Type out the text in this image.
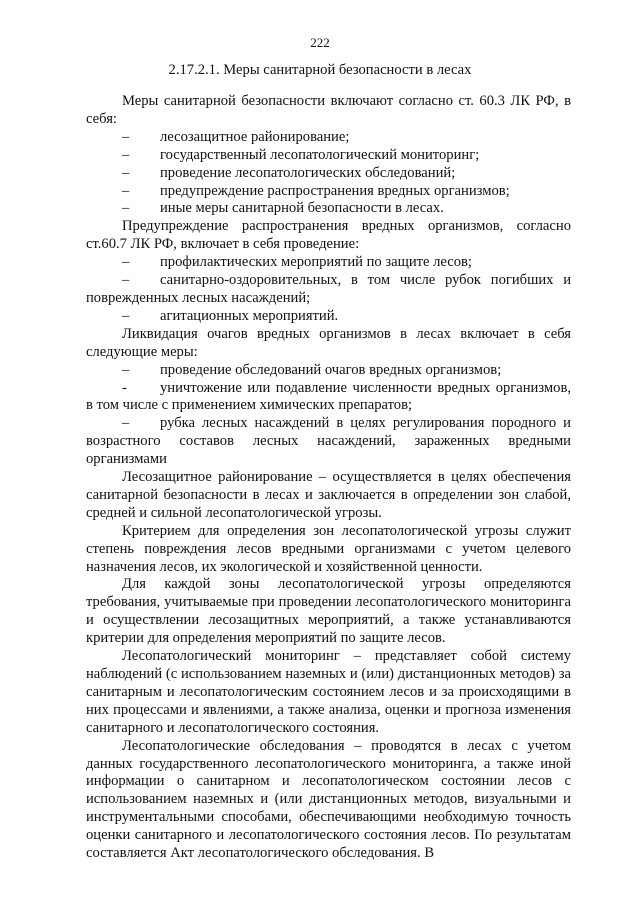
222
2.17.2.1. Меры санитарной безопасности в лесах

Меры санитарной безопасности включают согласно ст. 60.3 ЛК РФ, в себя:

– лесозащитное районирование;

– государственный лесопатологический мониторинг;

– проведение лесопатологических обследований;

– предупреждение распространения вредных организмов;

– иные меры санитарной безопасности в лесах.

Предупреждение распространения вредных организмов, согласно ст.60.7 ЛК РФ, включает в себя проведение:

– профилактических мероприятий по защите лесов;

– санитарно-оздоровительных, в том числе рубок погибших и поврежденных лесных насаждений;

– агитационных мероприятий.

Ликвидация очагов вредных организмов в лесах включает в себя следующие меры:

– проведение обследований очагов вредных организмов;

- уничтожение или подавление численности вредных организмов, в том числе с применением химических препаратов;

– рубка лесных насаждений в целях регулирования породного и возрастного составов лесных насаждений, зараженных вредными организмами

Лесозащитное районирование – осуществляется в целях обеспечения санитарной безопасности в лесах и заключается в определении зон слабой, средней и сильной лесопатологической угрозы.

Критерием для определения зон лесопатологической угрозы служит степень повреждения лесов вредными организмами с учетом целевого назначения лесов, их экологической и хозяйственной ценности.

Для каждой зоны лесопатологической угрозы определяются требования, учитываемые при проведении лесопатологического мониторинга и осуществлении лесозащитных мероприятий, а также устанавливаются критерии для определения мероприятий по защите лесов.

Лесопатологический мониторинг – представляет собой систему наблюдений (с использованием наземных и (или) дистанционных методов) за санитарным и лесопатологическим состоянием лесов и за происходящими в них процессами и явлениями, а также анализа, оценки и прогноза изменения санитарного и лесопатологического состояния.

Лесопатологические обследования – проводятся в лесах с учетом данных государственного лесопатологического мониторинга, а также иной информации о санитарном и лесопатологическом состоянии лесов с использованием наземных и (или дистанционных методов, визуальными и инструментальными способами, обеспечивающими необходимую точность оценки санитарного и лесопатологического состояния лесов. По результатам составляется Акт лесопатологического обследования. В
